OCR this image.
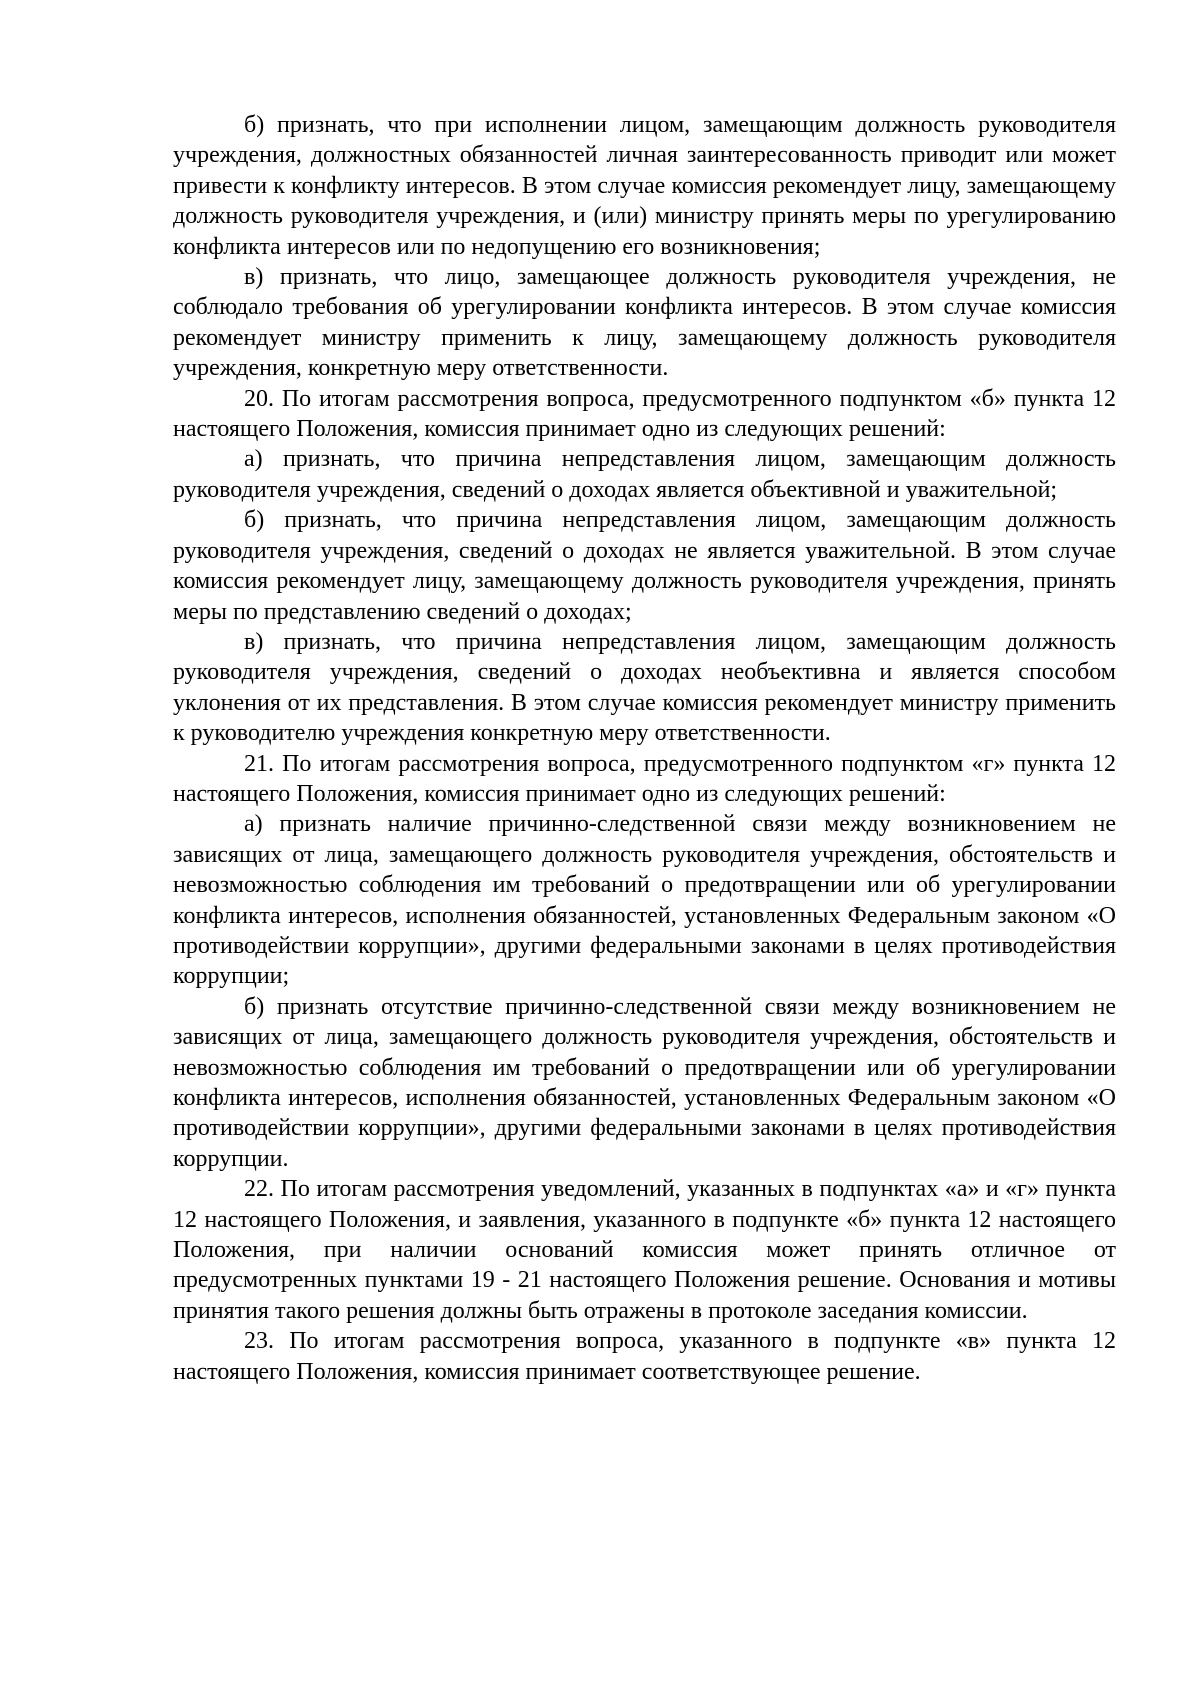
б) признать, что при исполнении лицом, замещающим должность руководителя учреждения, должностных обязанностей личная заинтересованность приводит или может привести к конфликту интересов. В этом случае комиссия рекомендует лицу, замещающему должность руководителя учреждения, и (или) министру принять меры по урегулированию конфликта интересов или по недопущению его возникновения;

в) признать, что лицо, замещающее должность руководителя учреждения, не соблюдало требования об урегулировании конфликта интересов. В этом случае комиссия рекомендует министру применить к лицу, замещающему должность руководителя учреждения, конкретную меру ответственности.

20. По итогам рассмотрения вопроса, предусмотренного подпунктом «б» пункта 12 настоящего Положения, комиссия принимает одно из следующих решений:

а) признать, что причина непредставления лицом, замещающим должность руководителя учреждения, сведений о доходах является объективной и уважительной;

б) признать, что причина непредставления лицом, замещающим должность руководителя учреждения, сведений о доходах не является уважительной. В этом случае комиссия рекомендует лицу, замещающему должность руководителя учреждения, принять меры по представлению сведений о доходах;

в) признать, что причина непредставления лицом, замещающим должность руководителя учреждения, сведений о доходах необъективна и является способом уклонения от их представления. В этом случае комиссия рекомендует министру применить к руководителю учреждения конкретную меру ответственности.

21. По итогам рассмотрения вопроса, предусмотренного подпунктом «г» пункта 12 настоящего Положения, комиссия принимает одно из следующих решений:

а) признать наличие причинно-следственной связи между возникновением не зависящих от лица, замещающего должность руководителя учреждения, обстоятельств и невозможностью соблюдения им требований о предотвращении или об урегулировании конфликта интересов, исполнения обязанностей, установленных Федеральным законом «О противодействии коррупции», другими федеральными законами в целях противодействия коррупции;

б) признать отсутствие причинно-следственной связи между возникновением не зависящих от лица, замещающего должность руководителя учреждения, обстоятельств и невозможностью соблюдения им требований о предотвращении или об урегулировании конфликта интересов, исполнения обязанностей, установленных Федеральным законом «О противодействии коррупции», другими федеральными законами в целях противодействия коррупции.

22. По итогам рассмотрения уведомлений, указанных в подпунктах «а» и «г» пункта 12 настоящего Положения, и заявления, указанного в подпункте «б» пункта 12 настоящего Положения, при наличии оснований комиссия может принять отличное от предусмотренных пунктами 19 - 21 настоящего Положения решение. Основания и мотивы принятия такого решения должны быть отражены в протоколе заседания комиссии.

23. По итогам рассмотрения вопроса, указанного в подпункте «в» пункта 12 настоящего Положения, комиссия принимает соответствующее решение.
